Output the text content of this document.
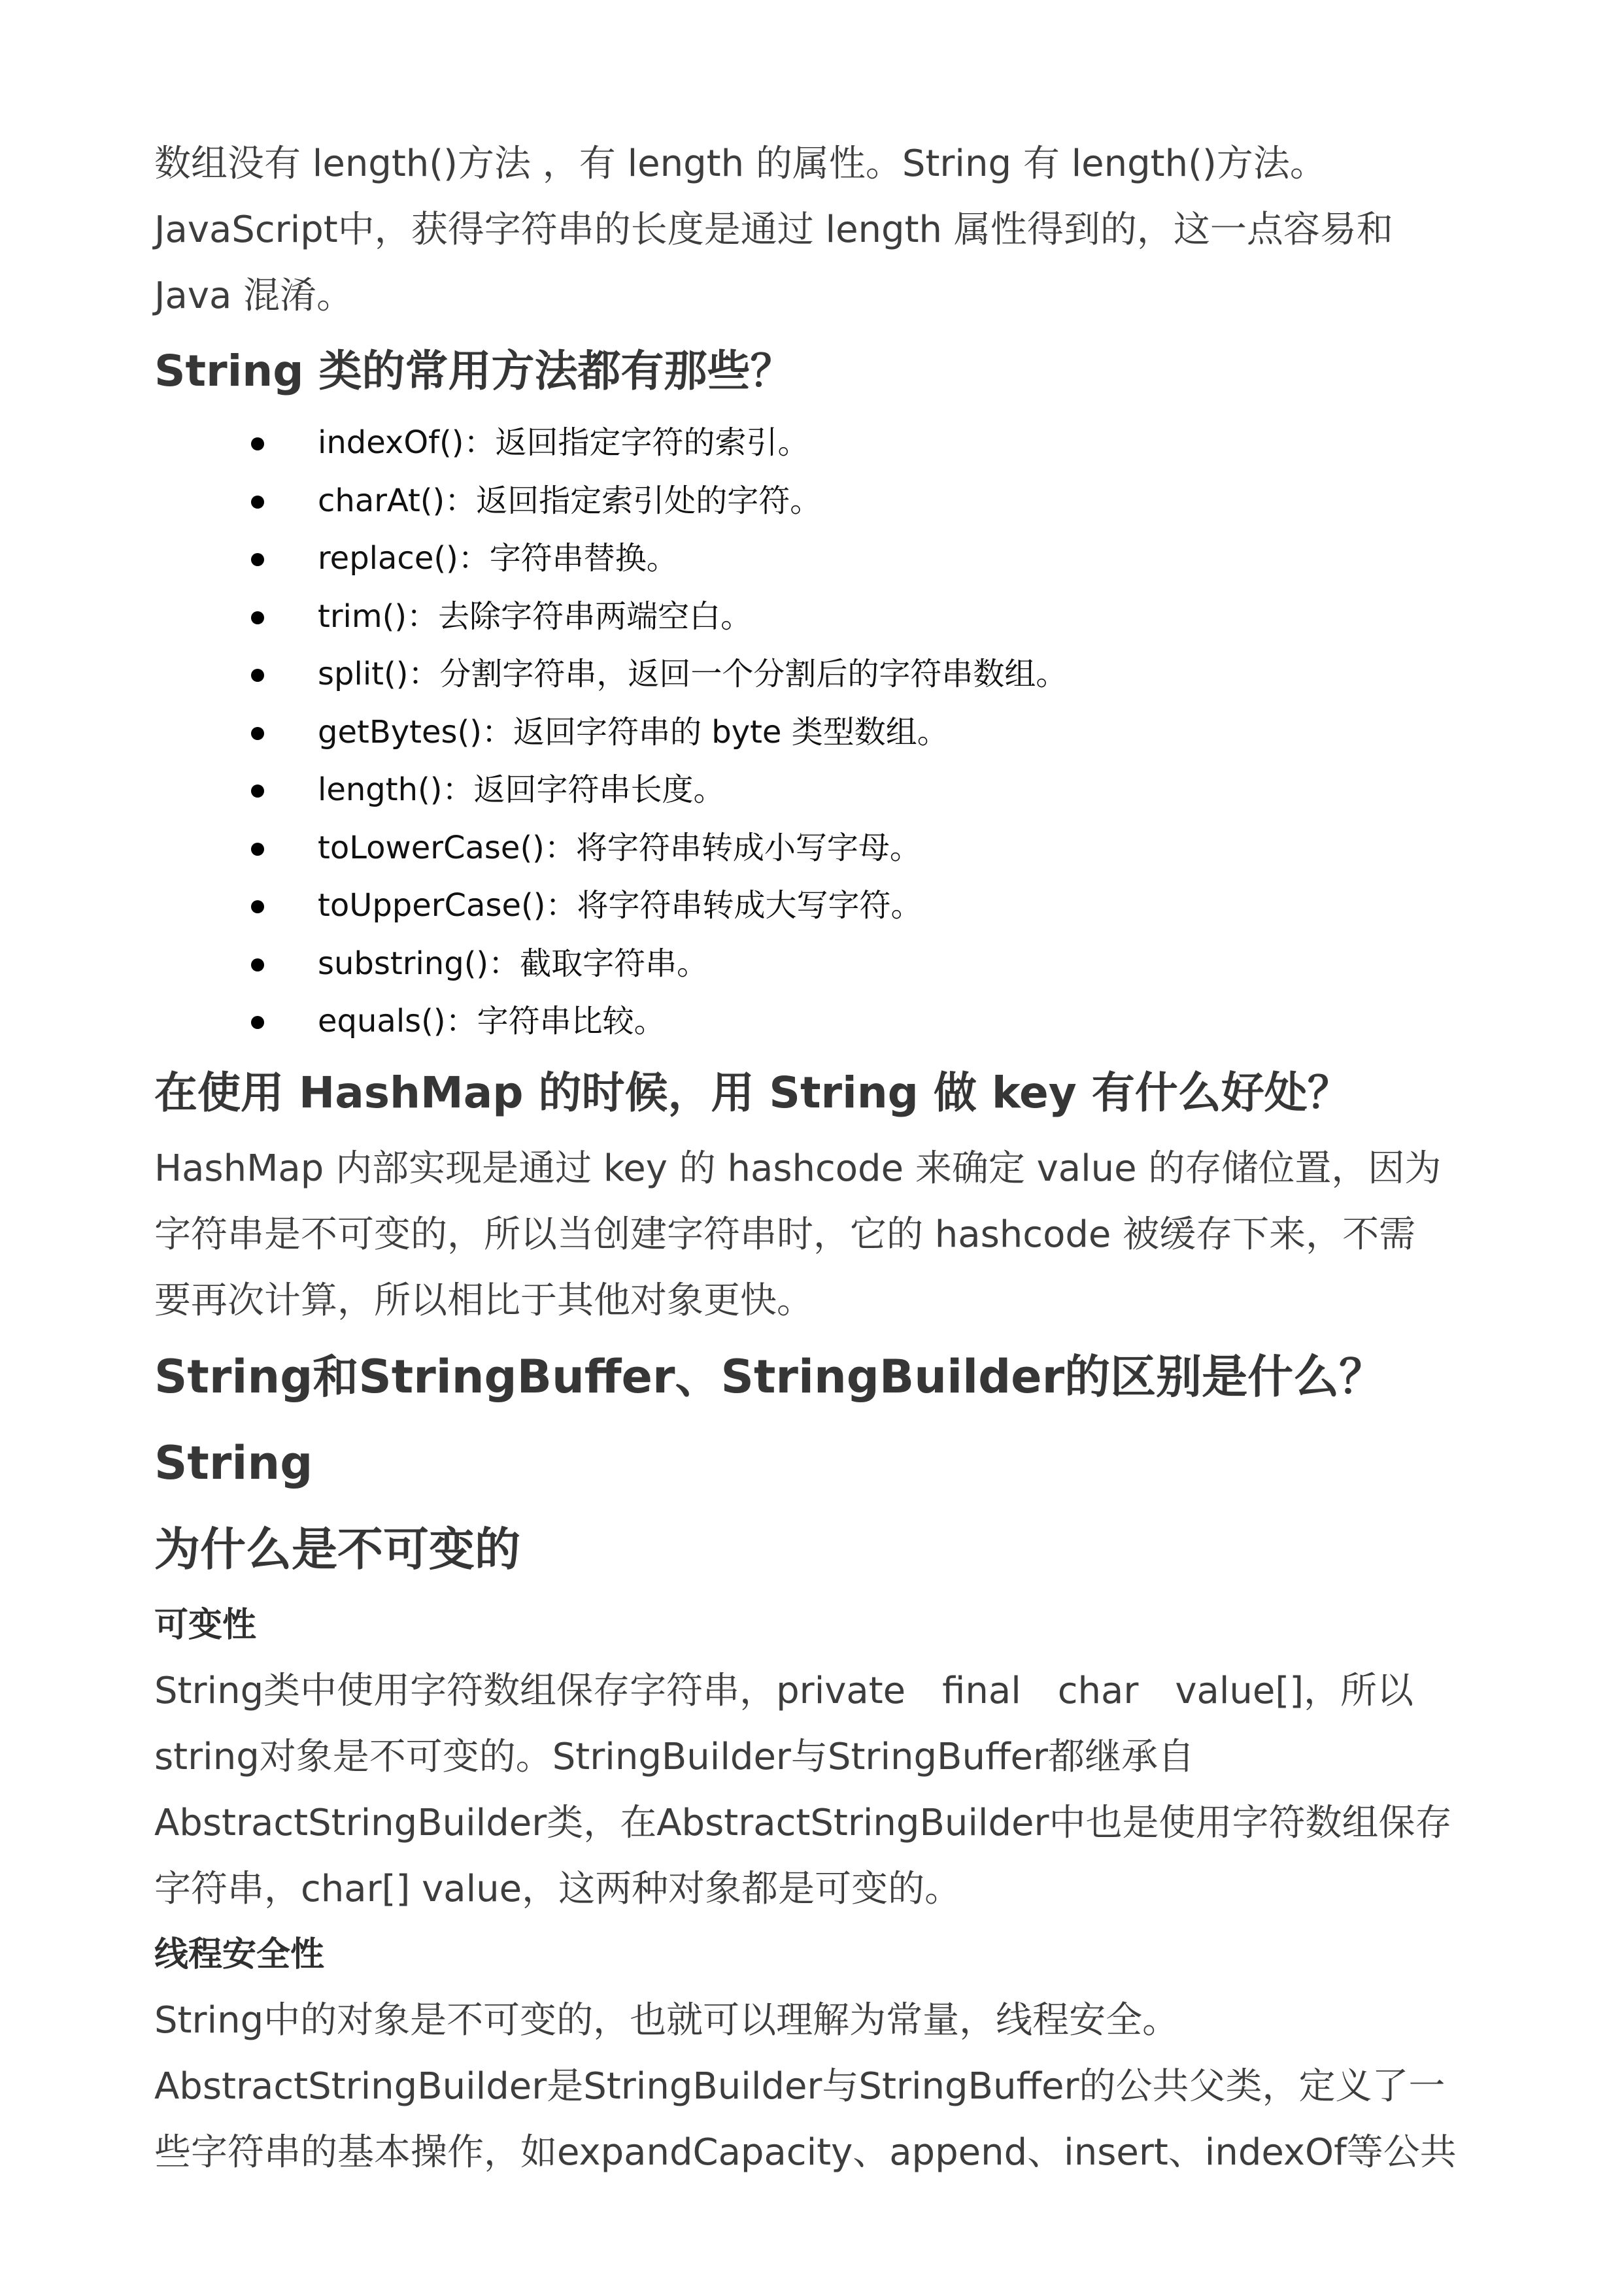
数组没有 length()方法 ，有 length 的属性。String 有 length()方法。

JavaScript中，获得字符串的长度是通过 length 属性得到的，这一点容易和

Java 混淆。

String 类的常用方法都有那些？
indexOf()：返回指定字符的索引。
charAt()：返回指定索引处的字符。
replace()：字符串替换。
trim()：去除字符串两端空白。
split()：分割字符串，返回一个分割后的字符串数组。
getBytes()：返回字符串的 byte 类型数组。
length()：返回字符串长度。
toLowerCase()：将字符串转成小写字母。
toUpperCase()：将字符串转成大写字符。
substring()：截取字符串。
equals()：字符串比较。
在使用 HashMap 的时候，用 String 做 key 有什么好处？

HashMap 内部实现是通过 key 的 hashcode 来确定 value 的存储位置，因为

字符串是不可变的，所以当创建字符串时，它的 hashcode 被缓存下来，不需

要再次计算，所以相比于其他对象更快。

String和StringBuffer、StringBuilder的区别是什么？String
为什么是不可变的
可变性

String类中使用字符数组保存字符串，private　final　char　value[]，所以

string对象是不可变的。StringBuilder与StringBuffer都继承自

AbstractStringBuilder类，在AbstractStringBuilder中也是使用字符数组保存

字符串，char[] value，这两种对象都是可变的。

线程安全性

String中的对象是不可变的，也就可以理解为常量，线程安全。

AbstractStringBuilder是StringBuilder与StringBuffer的公共父类，定义了一

些字符串的基本操作，如expandCapacity、append、insert、indexOf等公共
